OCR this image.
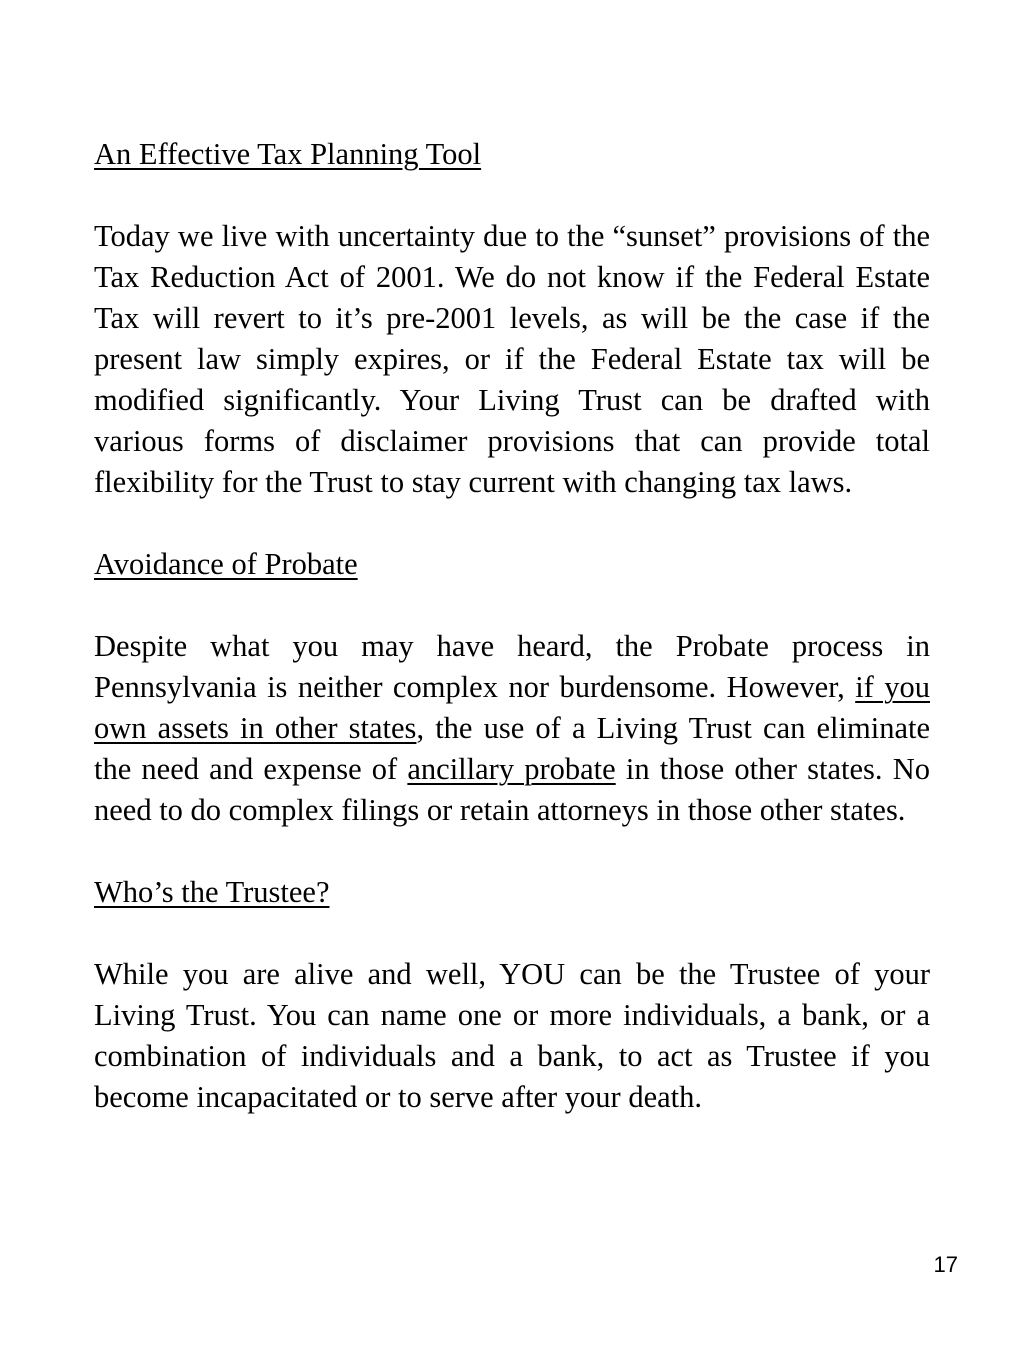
An Effective Tax Planning Tool

Today we live with uncertainty due to the “sunset” provisions of the Tax Reduction Act of 2001. We do not know if the Federal Estate Tax will revert to it’s pre-2001 levels, as will be the case if the present law simply expires, or if the Federal Estate tax will be modified significantly. Your Living Trust can be drafted with various forms of disclaimer provisions that can provide total flexibility for the Trust to stay current with changing tax laws.

Avoidance of Probate

Despite what you may have heard, the Probate process in Pennsylvania is neither complex nor burdensome. However, if you own assets in other states, the use of a Living Trust can eliminate the need and expense of ancillary probate in those other states. No need to do complex filings or retain attorneys in those other states.

Who’s the Trustee?

While you are alive and well, YOU can be the Trustee of your Living Trust. You can name one or more individuals, a bank, or a combination of individuals and a bank, to act as Trustee if you become incapacitated or to serve after your death.

17
